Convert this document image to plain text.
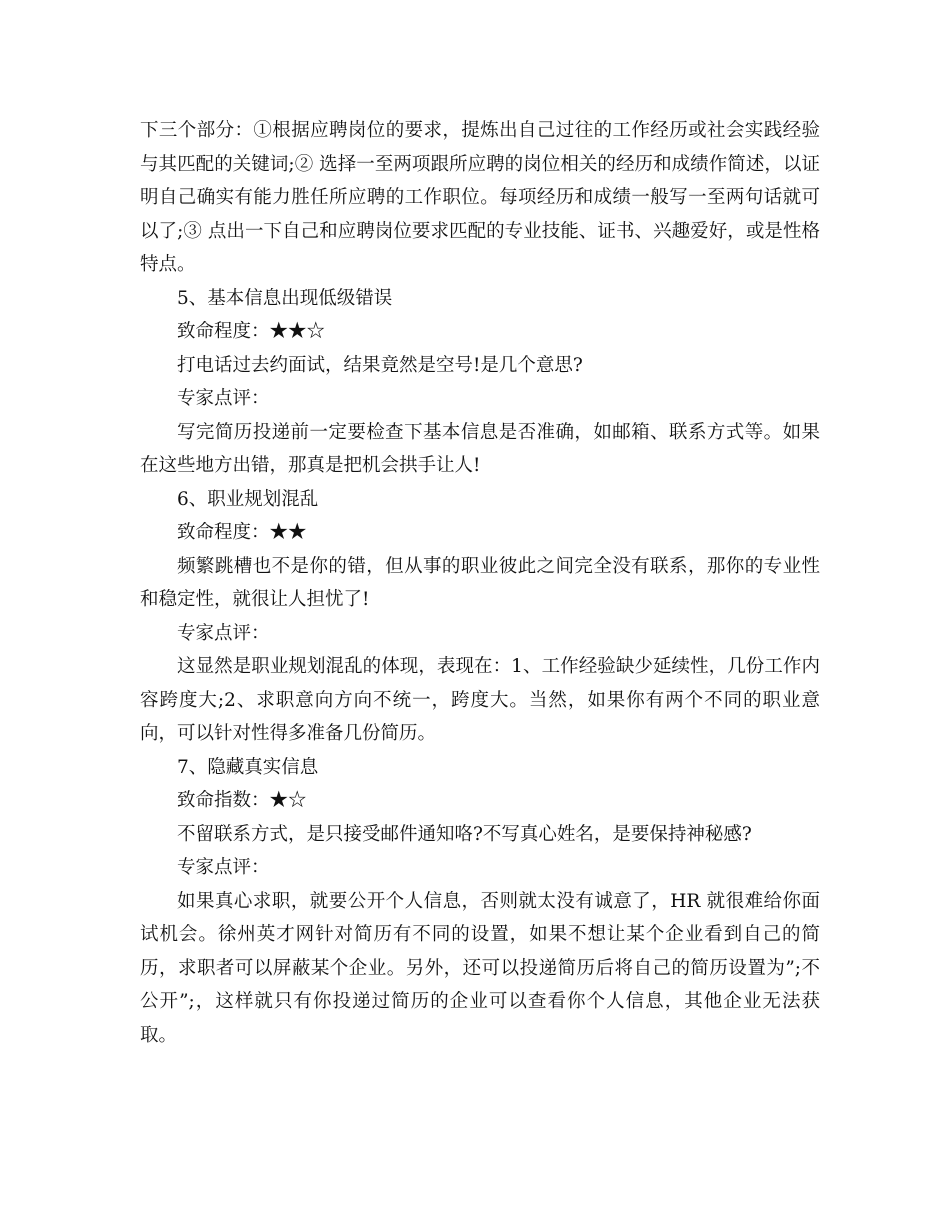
下三个部分：①根据应聘岗位的要求，提炼出自己过往的工作经历或社会实践经验与其匹配的关键词;② 选择一至两项跟所应聘的岗位相关的经历和成绩作简述，以证明自己确实有能力胜任所应聘的工作职位。每项经历和成绩一般写一至两句话就可以了;③ 点出一下自己和应聘岗位要求匹配的专业技能、证书、兴趣爱好，或是性格特点。

5、基本信息出现低级错误

致命程度：★★☆

打电话过去约面试，结果竟然是空号!是几个意思?

专家点评：

写完简历投递前一定要检查下基本信息是否准确，如邮箱、联系方式等。如果在这些地方出错，那真是把机会拱手让人!

6、职业规划混乱

致命程度：★★

频繁跳槽也不是你的错，但从事的职业彼此之间完全没有联系，那你的专业性和稳定性，就很让人担忧了!

专家点评：

这显然是职业规划混乱的体现，表现在：1、工作经验缺少延续性，几份工作内容跨度大;2、求职意向方向不统一，跨度大。当然，如果你有两个不同的职业意向，可以针对性得多准备几份简历。

7、隐藏真实信息

致命指数：★☆

不留联系方式，是只接受邮件通知咯?不写真心姓名，是要保持神秘感?

专家点评：

如果真心求职，就要公开个人信息，否则就太没有诚意了，HR 就很难给你面试机会。徐州英才网针对简历有不同的设置，如果不想让某个企业看到自己的简历，求职者可以屏蔽某个企业。另外，还可以投递简历后将自己的简历设置为”;不公开”;，这样就只有你投递过简历的企业可以查看你个人信息，其他企业无法获取。
